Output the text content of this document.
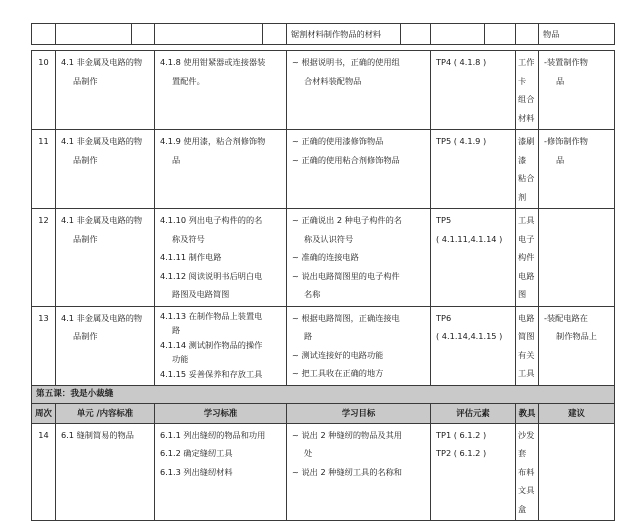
					锯割材料制作物品的材料					物品

10	4.1 非金属及电路的物
品制作		4.1.8 使用钳紧器或连接器装
置配件。		~ 根据说明书，正确的使用组
合材料装配物品		TP4 ( 4.1.8 )		工作卡
组合材料	-装置制作物
品

11	4.1 非金属及电路的物
品制作		4.1.9 使用漆，粘合剂修饰物
品		~ 正确的使用漆修饰物品
~ 正确的使用粘合剂修饰物品		TP5 ( 4.1.9 )		漆刷
漆
粘合剂	-修饰制作物
品

12	4.1 非金属及电路的物
品制作		4.1.10 列出电子构件的的名
称及符号
4.1.11 制作电路
4.1.12 阅读说明书后明白电
路图及电路简图		~ 正确说出 2 种电子构件的名
称及认识符号
~ 准确的连接电路
~ 说出电路简图里的电子构件
名称		TP5
( 4.1.11,4.1.14 )		工具
电子构件
电路图	

13	4.1 非金属及电路的物
品制作		4.1.13 在制作物品上装置电
路
4.1.14 测试制作物品的操作
功能
4.1.15 妥善保养和存放工具		~ 根据电路简图，正确连接电
路
~ 测试连接好的电路功能
~ 把工具收在正确的地方		TP6
( 4.1.14,4.1.15 )		电路简图
有关工具	-装配电路在
制作物品上

第五课：我是小裁缝										
周次	单元 /内容标准		学习标准		学习目标		评估元素		教具	建议
14	6.1 缝制简易的物品		6.1.1 列出缝纫的物品和功用
6.1.2 确定缝纫工具
6.1.3 列出缝纫材料		~ 说出 2 种缝纫的物品及其用
处
~ 说出 2 种缝纫工具的名称和		TP1 ( 6.1.2 )
TP2 ( 6.1.2 )		沙发套
布料文具
盒	
